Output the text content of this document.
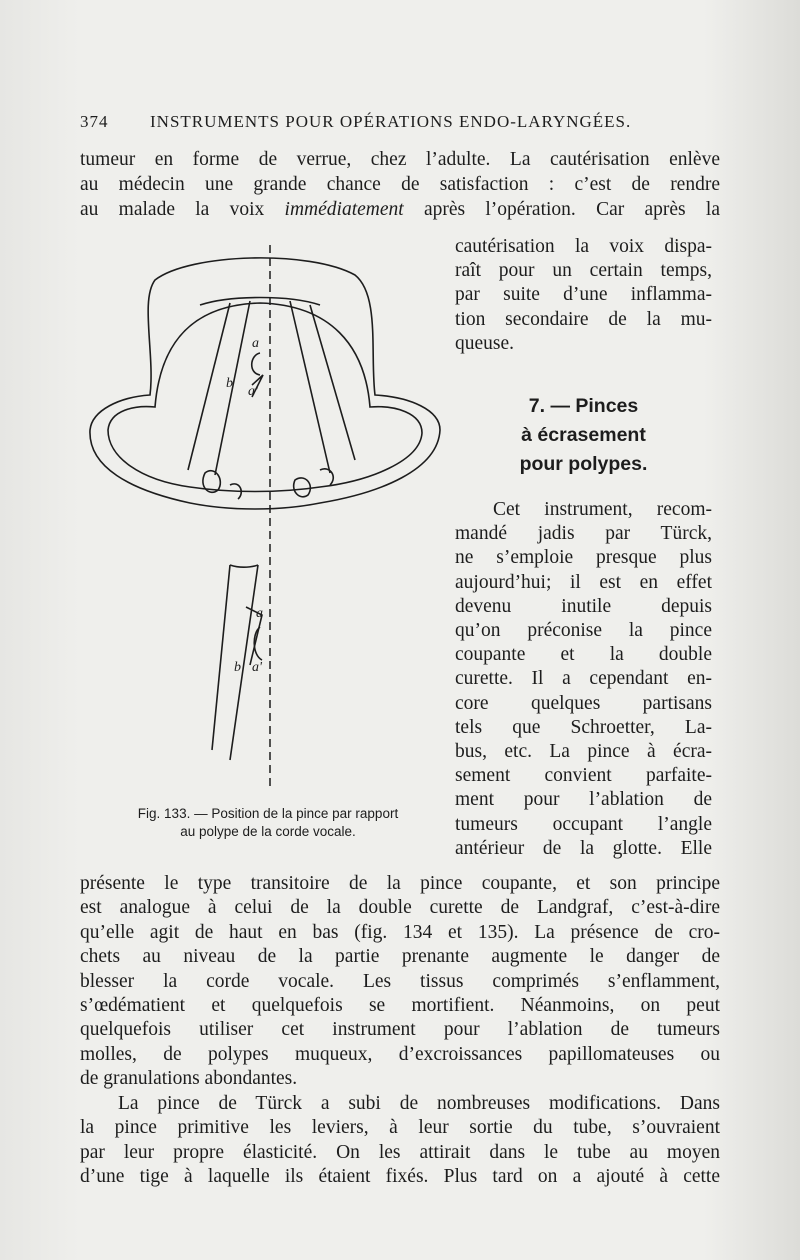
374 INSTRUMENTS POUR OPÉRATIONS ENDO-LARYNGÉES.
tumeur en forme de verrue, chez l’adulte. La cautérisation enlève
au médecin une grande chance de satisfaction : c’est de rendre
au malade la voix immédiatement après l’opération. Car après la
cautérisation la voix dispa-
raît pour un certain temps,
par suite d’une inflamma-
tion secondaire de la mu-
queuse.
7. — Pinces
à écrasement
pour polypes.
Cet instrument, recom-
mandé jadis par Türck,
ne s’emploie presque plus
aujourd’hui; il est en effet
devenu inutile depuis
qu’on préconise la pince
coupante et la double
curette. Il a cependant en-
core quelques partisans
tels que Schroetter, La-
bus, etc. La pince à écra-
sement convient parfaite-
ment pour l’ablation de
tumeurs occupant l’angle
antérieur de la glotte. Elle
présente le type transitoire de la pince coupante, et son principe
est analogue à celui de la double curette de Landgraf, c’est-à-dire
qu’elle agit de haut en bas (fig. 134 et 135). La présence de cro-
chets au niveau de la partie prenante augmente le danger de
blesser la corde vocale. Les tissus comprimés s’enflamment,
s’œdématient et quelquefois se mortifient. Néanmoins, on peut
quelquefois utiliser cet instrument pour l’ablation de tumeurs
molles, de polypes muqueux, d’excroissances papillomateuses ou
de granulations abondantes.
La pince de Türck a subi de nombreuses modifications. Dans
la pince primitive les leviers, à leur sortie du tube, s’ouvraient
par leur propre élasticité. On les attirait dans le tube au moyen
d’une tige à laquelle ils étaient fixés. Plus tard on a ajouté à cette
a
b
a'
a
b a'
Fig. 133. — Position de la pince par rapport
au polype de la corde vocale.
